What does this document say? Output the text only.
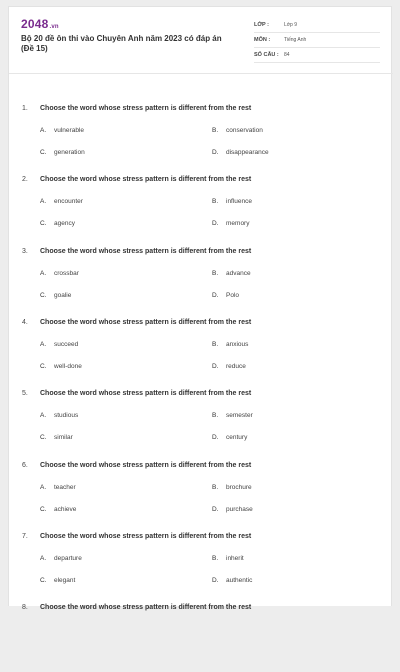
2048.vn
Bộ 20 đề ôn thi vào Chuyên Anh năm 2023 có đáp án (Đề 15)
LỚP :	Lớp 9
MÔN :	Tiếng Anh
SỐ CÂU : 84
1. Choose the word whose stress pattern is different from the rest
A. vulnerable	B. conservation
C. generation	D. disappearance
2. Choose the word whose stress pattern is different from the rest
A. encounter	B. influence
C. agency	D. memory
3. Choose the word whose stress pattern is different from the rest
A. crossbar	B. advance
C. goalie	D. Polo
4. Choose the word whose stress pattern is different from the rest
A. succeed	B. anxious
C. well-done	D. reduce
5. Choose the word whose stress pattern is different from the rest
A. studious	B. semester
C. similar	D. century
6. Choose the word whose stress pattern is different from the rest
A. teacher	B. brochure
C. achieve	D. purchase
7. Choose the word whose stress pattern is different from the rest
A. departure	B. inherit
C. elegant	D. authentic
8. Choose the word whose stress pattern is different from the rest
